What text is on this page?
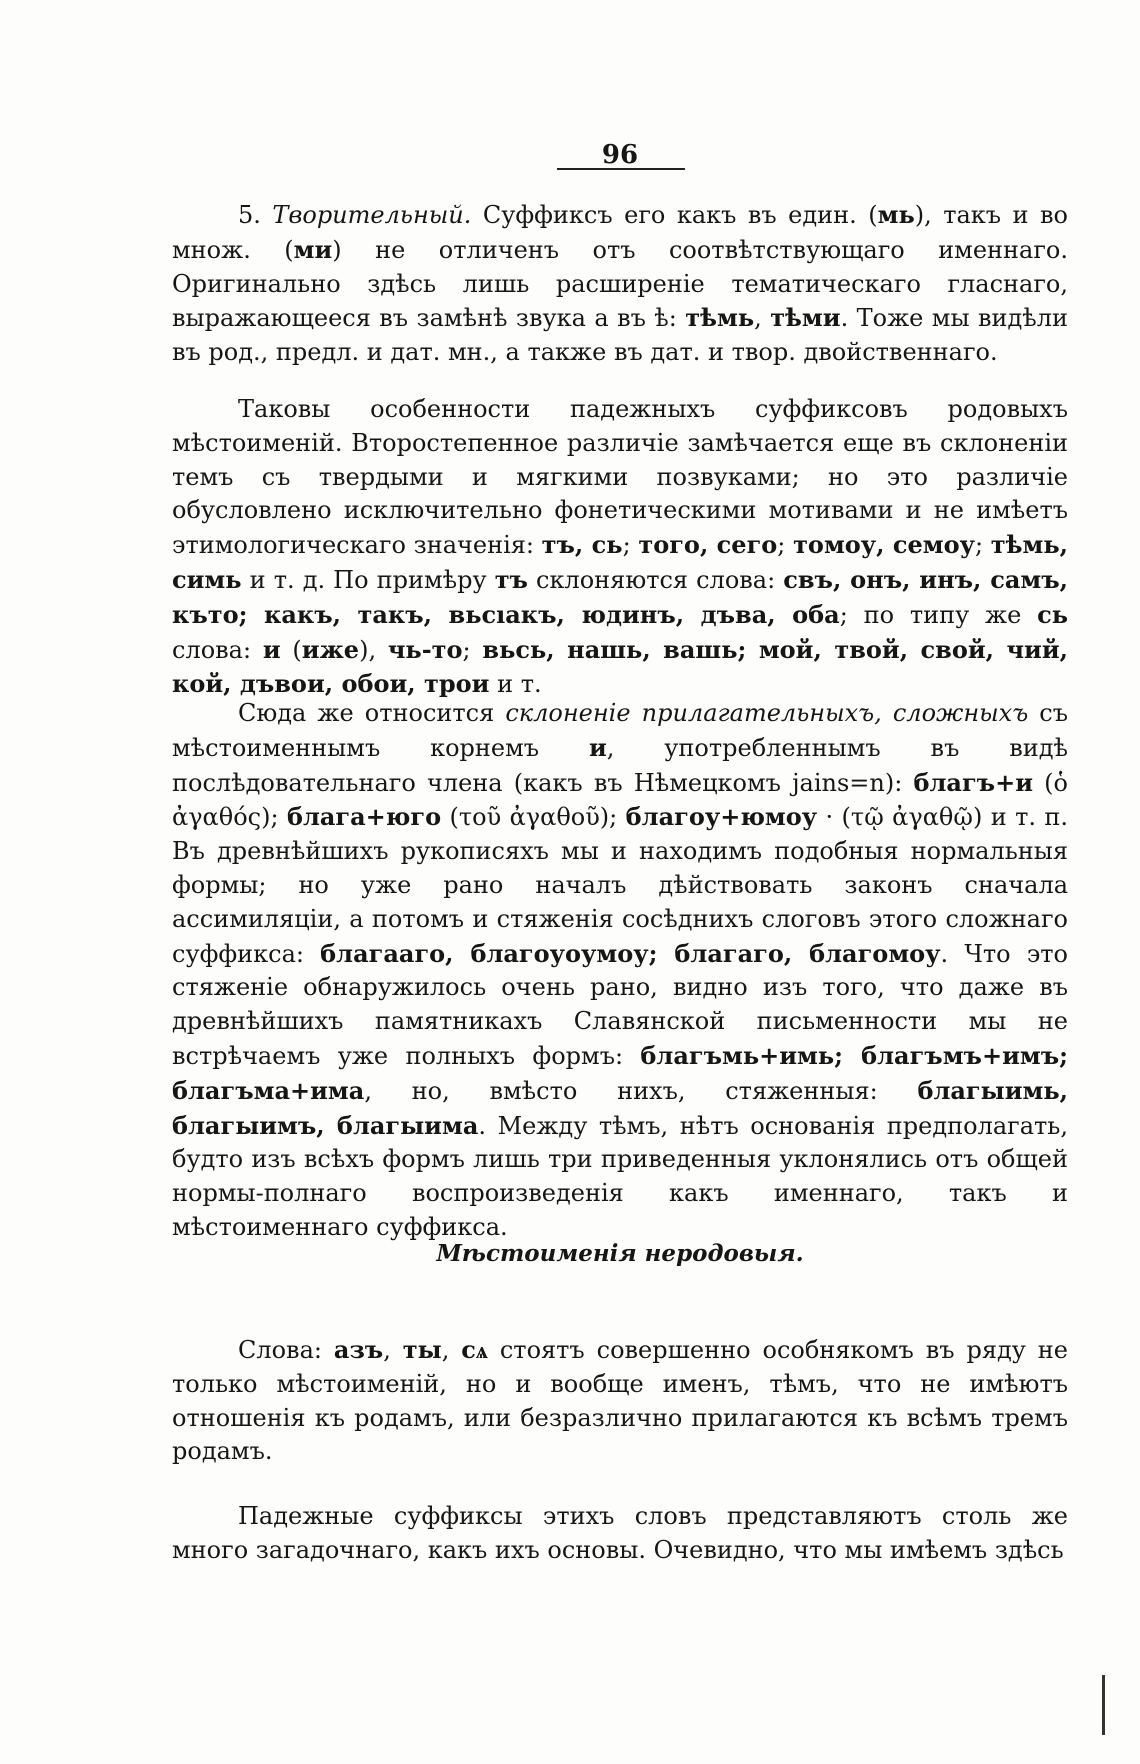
96

5. Творительный. Суффиксъ его какъ въ един. (мь), такъ и во множ. (ми) не отличенъ отъ соотвѣтствующаго именнаго. Оригинально здѣсь лишь расширеніе тематическаго гласнаго, выражающееся въ замѣнѣ звука а въ ѣ: тѣмь, тѣми. Тоже мы видѣли въ род., предл. и дат. мн., а также въ дат. и твор. двойственнаго.

Таковы особенности падежныхъ суффиксовъ родовыхъ мѣстоименій. Второстепенное различіе замѣчается еще въ склоненіи темъ съ твердыми и мягкими позвуками; но это различіе обусловлено исключительно фонетическими мотивами и не имѣетъ этимологическаго значенія: тъ, сь; того, сего; томоу, семоу; тѣмь, симь и т. д. По примѣру тъ склоняются слова: свъ, онъ, инъ, самъ, къто; какъ, такъ, вьсıакъ, юдинъ, дъва, оба; по типу же сь слова: и (иже), чь-то; вьсь, нашь, вашь; мой, твой, свой, чий, кой, дъвои, обои, трои и т.

Сюда же относится склоненіе прилагательныхъ, сложныхъ съ мѣстоименнымъ корнемъ и, употребленнымъ въ видѣ послѣдовательнаго члена (какъ въ Нѣмецкомъ jains=n): благъ+и (ὁ ἀγαθός); блага+юго (τοῦ ἀγαθοῦ); благоу+юмоу · (τῷ ἀγαθῷ) и т. п. Въ древнѣйшихъ рукописяхъ мы и находимъ подобныя нормальныя формы; но уже рано началъ дѣйствовать законъ сначала ассимиляціи, а потомъ и стяженія сосѣднихъ слоговъ этого сложнаго суффикса: благааго, благоуоумоу; благаго, благомоу. Что это стяженіе обнаружилось очень рано, видно изъ того, что даже въ древнѣйшихъ памятникахъ Славянской письменности мы не встрѣчаемъ уже полныхъ формъ: благъмь+имь; благъмъ+имъ; благъма+има, но, вмѣсто нихъ, стяженныя: благыимь, благыимъ, благыима. Между тѣмъ, нѣтъ основанія предполагать, будто изъ всѣхъ формъ лишь три приведенныя уклонялись отъ общей нормы-полнаго воспроизведенія какъ именнаго, такъ и мѣстоименнаго суффикса.

Мѣстоименія неродовыя.

Слова: азъ, ты, сѧ стоятъ совершенно особнякомъ въ ряду не только мѣстоименій, но и вообще именъ, тѣмъ, что не имѣютъ отношенія къ родамъ, или безразлично прилагаются къ всѣмъ тремъ родамъ.

Падежные суффиксы этихъ словъ представляютъ столь же много загадочнаго, какъ ихъ основы. Очевидно, что мы имѣемъ здѣсь
